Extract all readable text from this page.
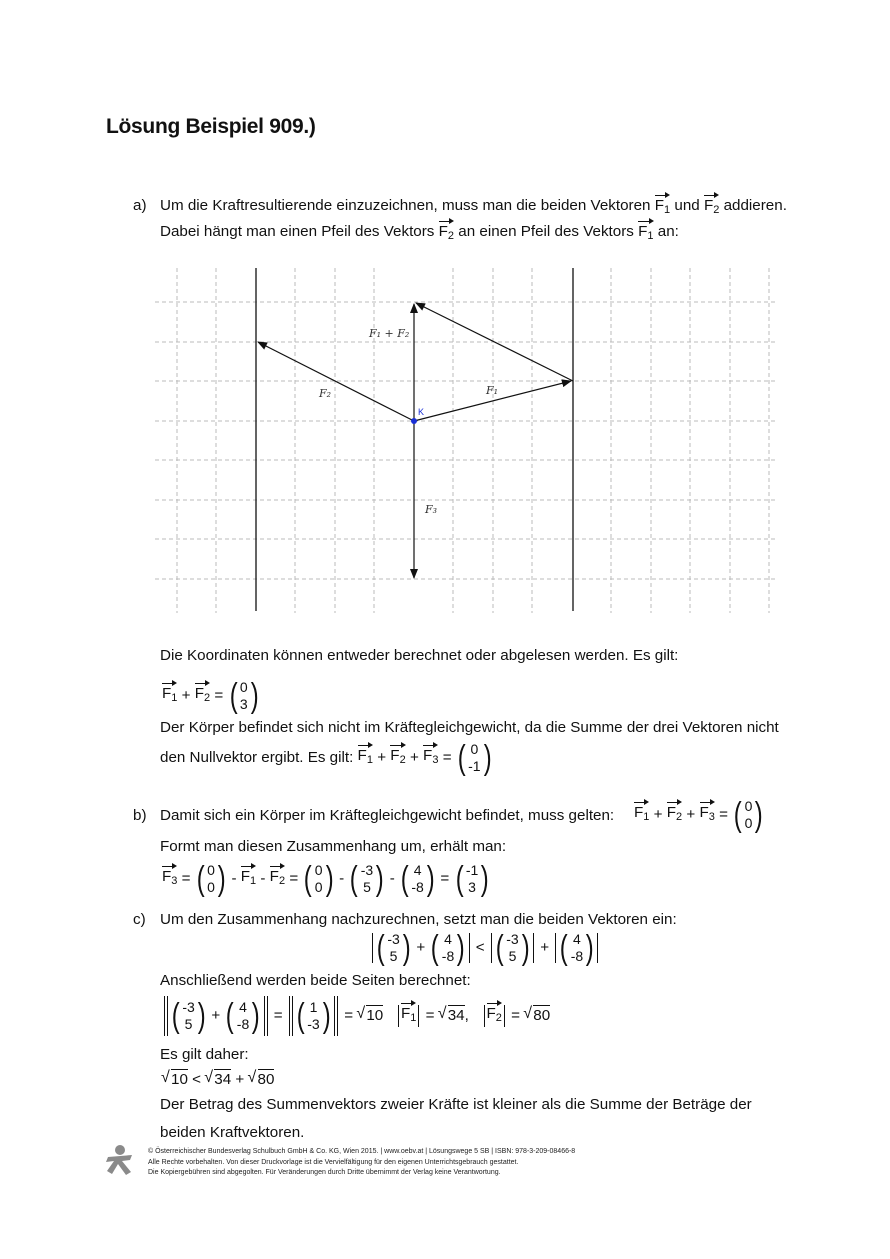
Lösung Beispiel 909.)
a) Um die Kraftresultierende einzuzeichnen, muss man die beiden Vektoren $F_1$ und $F_2$ addieren.
Dabei hängt man einen Pfeil des Vektors $F_2$ an einen Pfeil des Vektors $F_1$ an:
F₁ + F₂
F₁
F₂
F₃
K
Die Koordinaten können entweder berechnet oder abgelesen werden. Es gilt:
$F_1$
+
$F_2$
=
( 0
3 )
Der Körper befindet sich nicht im Kräftegleichgewicht, da die Summe der drei Vektoren nicht
den Nullvektor ergibt. Es gilt:
$F_1$
+
$F_2$
+
$F_3$
=
( 0
-1 )
b) Damit sich ein Körper im Kräftegleichgewicht befindet, muss gelten: $F_1$
+
$F_2$
+
$F_3$
=
( 0
0 )
Formt man diesen Zusammenhang um, erhält man:
$F_3$
=
( 0
0 )
-
$F_1$
-
$F_2$
=
( 0
0 )
-
( -3
5 )
-
( 4
-8 )
=
( -1
3 )
c) Um den Zusammenhang nachzurechnen, setzt man die beiden Vektoren ein:
( -3
5 )
+
( 4
-8 )
<
( -3
5 )
+
( 4
-8 )
Anschließend werden beide Seiten berechnet:
( -3
5 )
+
( 4
-8 )
=
( 1
-3 )
=
√ 10
$F_1$
=
√ 34 ,
$F_2$
=
√ 80
Es gilt daher:
√ 10 < √ 34 + √ 80
Der Betrag des Summenvektors zweier Kräfte ist kleiner als die Summe der Beträge der
beiden Kraftvektoren.
© Österreichischer Bundesverlag Schulbuch GmbH & Co. KG, Wien 2015. | www.oebv.at | Lösungswege 5 SB | ISBN: 978-3-209-08466-8
Alle Rechte vorbehalten. Von dieser Druckvorlage ist die Vervielfältigung für den eigenen Unterrichtsgebrauch gestattet.
Die Kopiergebühren sind abgegolten. Für Veränderungen durch Dritte übernimmt der Verlag keine Verantwortung.
